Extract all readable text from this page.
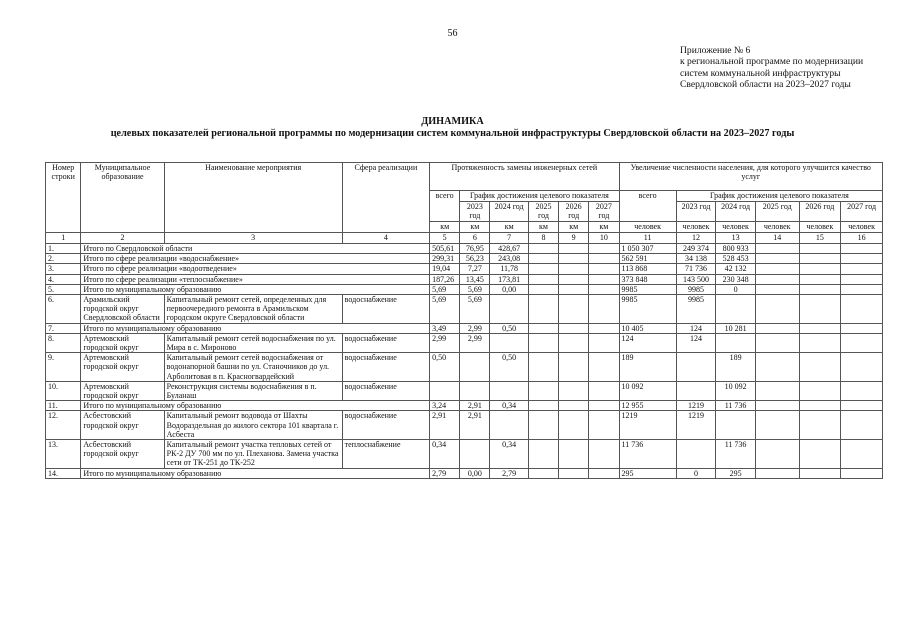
56
Приложение № 6
к региональной программе по модернизации
систем коммунальной инфраструктуры
Свердловской области на 2023–2027 годы
ДИНАМИКА
целевых показателей региональной программы по модернизации систем коммунальной инфраструктуры Свердловской области на 2023–2027 годы
Номер строки	Муниципальное образование	Наименование мероприятия	Сфера реализации	Протяженность замены инженерных сетей						Увеличение численности населения, для которого улучшится качество услуг					
				всего	График достижения целевого показателя					всего	График достижения целевого показателя				
					2023 год	2024 год	2025 год	2026 год	2027 год		2023 год	2024 год	2025 год	2026 год	2027 год
				км	км	км	км	км	км	человек	человек	человек	человек	человек	человек
1	2	3	4	5	6	7	8	9	10	11	12	13	14	15	16
1.	Итого по Свердловской области			505,61	76,95	428,67				1 050 307	249 374	800 933			
2.	Итого по сфере реализации «водоснабжение»			299,31	56,23	243,08				562 591	34 138	528 453			
3.	Итого по сфере реализации «водоотведение»			19,04	7,27	11,78				113 868	71 736	42 132			
4.	Итого по сфере реализации «теплоснабжение»			187,26	13,45	173,81				373 848	143 500	230 348			
5.	Итого по муниципальному образованию			5,69	5,69	0,00				9985	9985	0			
6.	Арамильский городской округ Свердловской области	Капитальный ремонт сетей, определенных для первоочередного ремонта в Арамильском городском округе Свердловской области	водоснабжение	5,69	5,69					9985	9985				
7.	Итого по муниципальному образованию			3,49	2,99	0,50				10 405	124	10 281			
8.	Артемовский городской округ	Капитальный ремонт сетей водоснабжения по ул. Мира в с. Мироново	водоснабжение	2,99	2,99					124	124				
9.	Артемовский городской округ	Капитальный ремонт сетей водоснабжения от водонапорной башни по ул. Станочников до ул. Арболитовая в п. Красногвардейский	водоснабжение	0,50		0,50				189		189			
10.	Артемовский городской округ	Реконструкция системы водоснабжения в п. Буланаш	водоснабжение							10 092		10 092			
11.	Итого по муниципальному образованию			3,24	2,91	0,34				12 955	1219	11 736			
12.	Асбестовский городской округ	Капитальный ремонт водовода от Шахты Водораздельная до жилого сектора 101 квартала г. Асбеста	водоснабжение	2,91	2,91					1219	1219				
13.	Асбестовский городской округ	Капитальный ремонт участка тепловых сетей от РК-2 ДУ 700 мм по ул. Плеханова. Замена участка сети от ТК-251 до ТК-252	теплоснабжение	0,34		0,34				11 736		11 736			
14.	Итого по муниципальному образованию			2,79	0,00	2,79				295	0	295			
